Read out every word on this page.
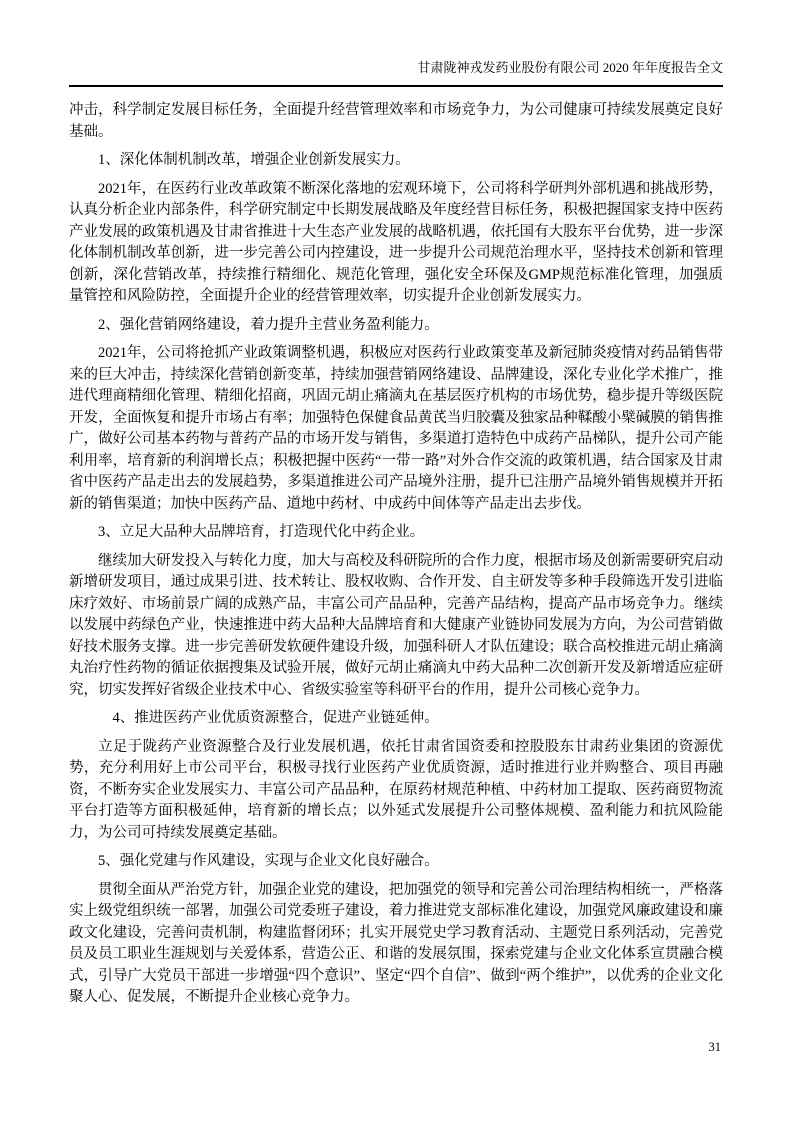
甘肃陇神戎发药业股份有限公司 2020 年年度报告全文

冲击，科学制定发展目标任务，全面提升经营管理效率和市场竞争力，为公司健康可持续发展奠定良好基础。

1、深化体制机制改革，增强企业创新发展实力。

2021年，在医药行业改革政策不断深化落地的宏观环境下，公司将科学研判外部机遇和挑战形势，认真分析企业内部条件，科学研究制定中长期发展战略及年度经营目标任务，积极把握国家支持中医药产业发展的政策机遇及甘肃省推进十大生态产业发展的战略机遇，依托国有大股东平台优势，进一步深化体制机制改革创新，进一步完善公司内控建设，进一步提升公司规范治理水平，坚持技术创新和管理创新，深化营销改革，持续推行精细化、规范化管理，强化安全环保及GMP规范标准化管理，加强质量管控和风险防控，全面提升企业的经营管理效率，切实提升企业创新发展实力。

2、强化营销网络建设，着力提升主营业务盈利能力。

2021年，公司将抢抓产业政策调整机遇，积极应对医药行业政策变革及新冠肺炎疫情对药品销售带来的巨大冲击，持续深化营销创新变革，持续加强营销网络建设、品牌建设，深化专业化学术推广，推进代理商精细化管理、精细化招商，巩固元胡止痛滴丸在基层医疗机构的市场优势，稳步提升等级医院开发，全面恢复和提升市场占有率；加强特色保健食品黄芪当归胶囊及独家品种鞣酸小檗碱膜的销售推广，做好公司基本药物与普药产品的市场开发与销售，多渠道打造特色中成药产品梯队，提升公司产能利用率，培育新的利润增长点；积极把握中医药“一带一路”对外合作交流的政策机遇，结合国家及甘肃省中医药产品走出去的发展趋势，多渠道推进公司产品境外注册，提升已注册产品境外销售规模并开拓新的销售渠道；加快中医药产品、道地中药材、中成药中间体等产品走出去步伐。

3、立足大品种大品牌培育，打造现代化中药企业。

继续加大研发投入与转化力度，加大与高校及科研院所的合作力度，根据市场及创新需要研究启动新增研发项目，通过成果引进、技术转让、股权收购、合作开发、自主研发等多种手段筛选开发引进临床疗效好、市场前景广阔的成熟产品，丰富公司产品品种，完善产品结构，提高产品市场竞争力。继续以发展中药绿色产业，快速推进中药大品种大品牌培育和大健康产业链协同发展为方向，为公司营销做好技术服务支撑。进一步完善研发软硬件建设升级，加强科研人才队伍建设；联合高校推进元胡止痛滴丸治疗性药物的循证依据搜集及试验开展，做好元胡止痛滴丸中药大品种二次创新开发及新增适应症研究，切实发挥好省级企业技术中心、省级实验室等科研平台的作用，提升公司核心竞争力。

　4、推进医药产业优质资源整合，促进产业链延伸。

立足于陇药产业资源整合及行业发展机遇，依托甘肃省国资委和控股股东甘肃药业集团的资源优势，充分利用好上市公司平台，积极寻找行业医药产业优质资源，适时推进行业并购整合、项目再融资，不断夯实企业发展实力、丰富公司产品品种，在原药材规范种植、中药材加工提取、医药商贸物流平台打造等方面积极延伸，培育新的增长点；以外延式发展提升公司整体规模、盈利能力和抗风险能力，为公司可持续发展奠定基础。

5、强化党建与作风建设，实现与企业文化良好融合。

贯彻全面从严治党方针，加强企业党的建设，把加强党的领导和完善公司治理结构相统一，严格落实上级党组织统一部署，加强公司党委班子建设，着力推进党支部标准化建设，加强党风廉政建设和廉政文化建设，完善问责机制，构建监督闭环；扎实开展党史学习教育活动、主题党日系列活动，完善党员及员工职业生涯规划与关爱体系，营造公正、和谐的发展氛围，探索党建与企业文化体系宣贯融合模式，引导广大党员干部进一步增强“四个意识”、坚定“四个自信”、做到“两个维护”，以优秀的企业文化聚人心、促发展，不断提升企业核心竞争力。

31
